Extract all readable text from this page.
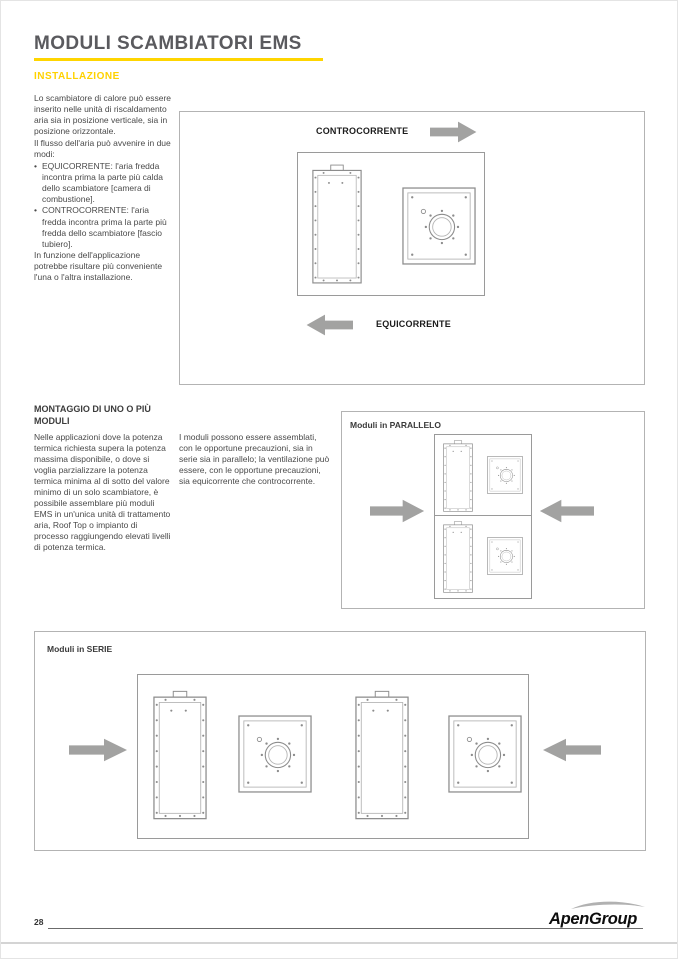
MODULI SCAMBIATORI EMS
INSTALLAZIONE

Lo scambiatore di calore può essere inserito nelle unità di riscaldamento aria sia in posizione verticale, sia in posizione orizzontale.

Il flusso dell'aria può avvenire in due modi:

• EQUICORRENTE: l'aria fredda incontra prima la parte più calda dello scambiatore [camera di combustione].
• CONTROCORRENTE: l'aria fredda incontra prima la parte più fredda dello scambiatore [fascio tubiero].

In funzione dell'applicazione potrebbe risultare più conveniente l'una o l'altra installazione.

CONTROCORRENTE
EQUICORRENTE
MONTAGGIO DI UNO O PIÙ MODULI
Nelle applicazioni dove la potenza termica richiesta supera la potenza massima disponibile, o dove si voglia parzializzare la potenza termica minima al di sotto del valore minimo di un solo scambiatore, è possibile assemblare più moduli EMS in un'unica unità di trattamento aria, Roof Top o impianto di processo raggiungendo elevati livelli di potenza termica.
I moduli possono essere assemblati, con le opportune precauzioni, sia in serie sia in parallelo; la ventilazione può essere, con le opportune precauzioni, sia equicorrente che controcorrente.
Moduli in PARALLELO
Moduli in SERIE
28	ApenGroup
